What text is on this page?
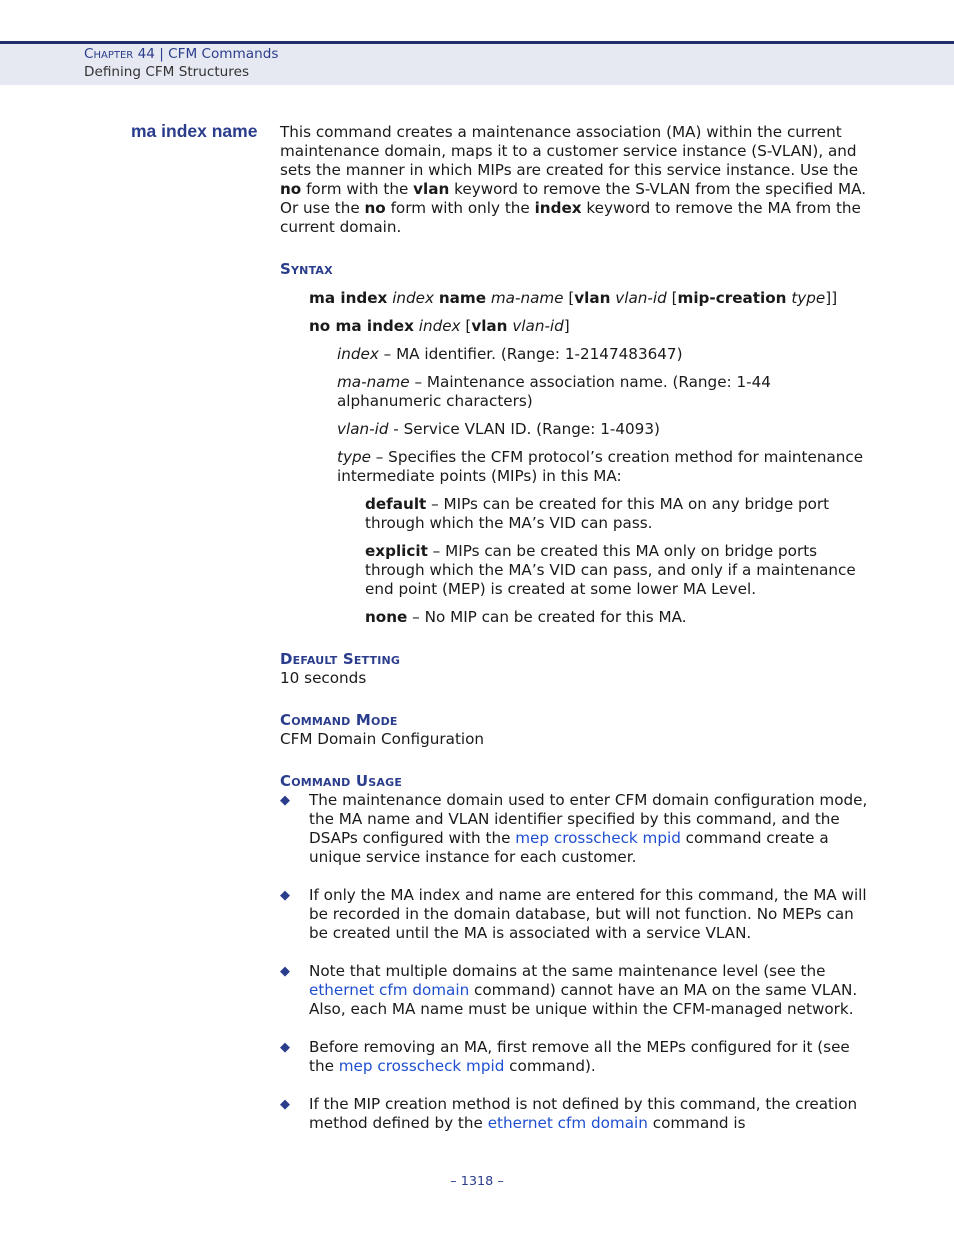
Chapter 44 | CFM Commands
Defining CFM Structures
ma index name This command creates a maintenance association (MA) within the current maintenance domain, maps it to a customer service instance (S-VLAN), and sets the manner in which MIPs are created for this service instance. Use the no form with the vlan keyword to remove the S-VLAN from the specified MA. Or use the no form with only the index keyword to remove the MA from the current domain.

Syntax

ma index index name ma-name [vlan vlan-id [mip-creation type]]

no ma index index [vlan vlan-id]

index – MA identifier. (Range: 1-2147483647)

ma-name – Maintenance association name. (Range: 1-44 alphanumeric characters)

vlan-id - Service VLAN ID. (Range: 1-4093)

type – Specifies the CFM protocol’s creation method for maintenance intermediate points (MIPs) in this MA:

default – MIPs can be created for this MA on any bridge port through which the MA’s VID can pass.

explicit – MIPs can be created this MA only on bridge ports through which the MA’s VID can pass, and only if a maintenance end point (MEP) is created at some lower MA Level.

none – No MIP can be created for this MA.

Default Setting

10 seconds

Command Mode

CFM Domain Configuration

Command Usage
◆ The maintenance domain used to enter CFM domain configuration mode, the MA name and VLAN identifier specified by this command, and the DSAPs configured with the mep crosscheck mpid command create a unique service instance for each customer.
◆ If only the MA index and name are entered for this command, the MA will be recorded in the domain database, but will not function. No MEPs can be created until the MA is associated with a service VLAN.
◆ Note that multiple domains at the same maintenance level (see the ethernet cfm domain command) cannot have an MA on the same VLAN. Also, each MA name must be unique within the CFM-managed network.
◆ Before removing an MA, first remove all the MEPs configured for it (see the mep crosscheck mpid command).
◆ If the MIP creation method is not defined by this command, the creation method defined by the ethernet cfm domain command is
– 1318 –
